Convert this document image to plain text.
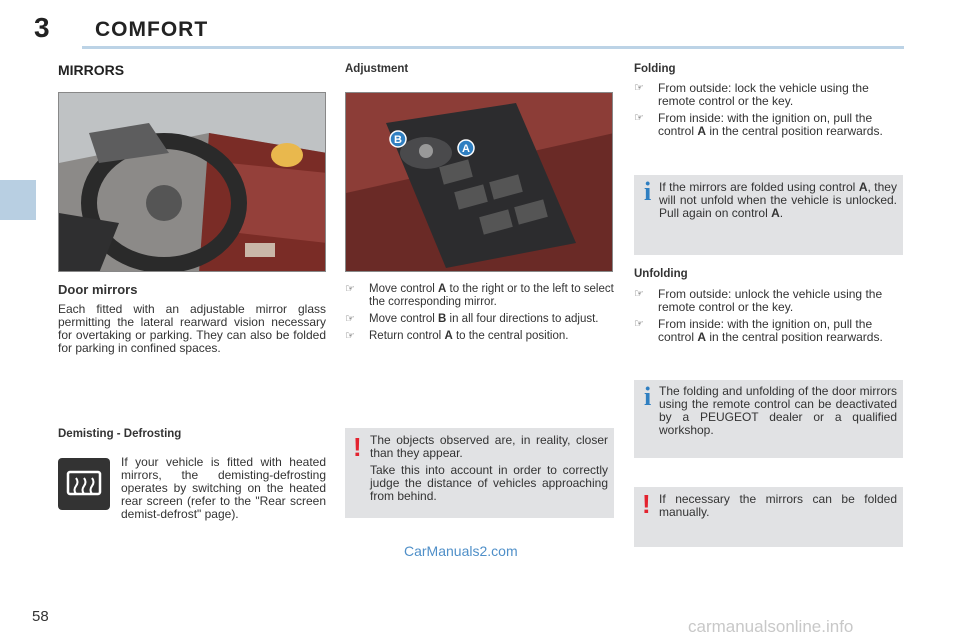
3 COMFORT
MIRRORS
Door mirrors
Each fitted with an adjustable mirror glass permitting the lateral rearward vision necessary for overtaking or parking. They can also be folded for parking in confined spaces.
Demisting - Defrosting
If your vehicle is fitted with heated mirrors, the demisting-defrosting operates by switching on the heated rear screen (refer to the "Rear screen demist-defrost" page).
Adjustment
B
A
☞	Move control A to the right or to the left to select the corresponding mirror.
☞	Move control B in all four directions to adjust.
☞	Return control A to the central position.
! The objects observed are, in reality, closer than they appear.
Take this into account in order to correctly judge the distance of vehicles approaching from behind.
CarManuals2.com
Folding
☞	From outside: lock the vehicle using the remote control or the key.
☞	From inside: with the ignition on, pull the control A in the central position rearwards.
i If the mirrors are folded using control A, they will not unfold when the vehicle is unlocked. Pull again on control A.
Unfolding
☞	From outside: unlock the vehicle using the remote control or the key.
☞	From inside: with the ignition on, pull the control A in the central position rearwards.
i The folding and unfolding of the door mirrors using the remote control can be deactivated by a PEUGEOT dealer or a qualified workshop.
! If necessary the mirrors can be folded manually.
58
carmanualsonline.info
